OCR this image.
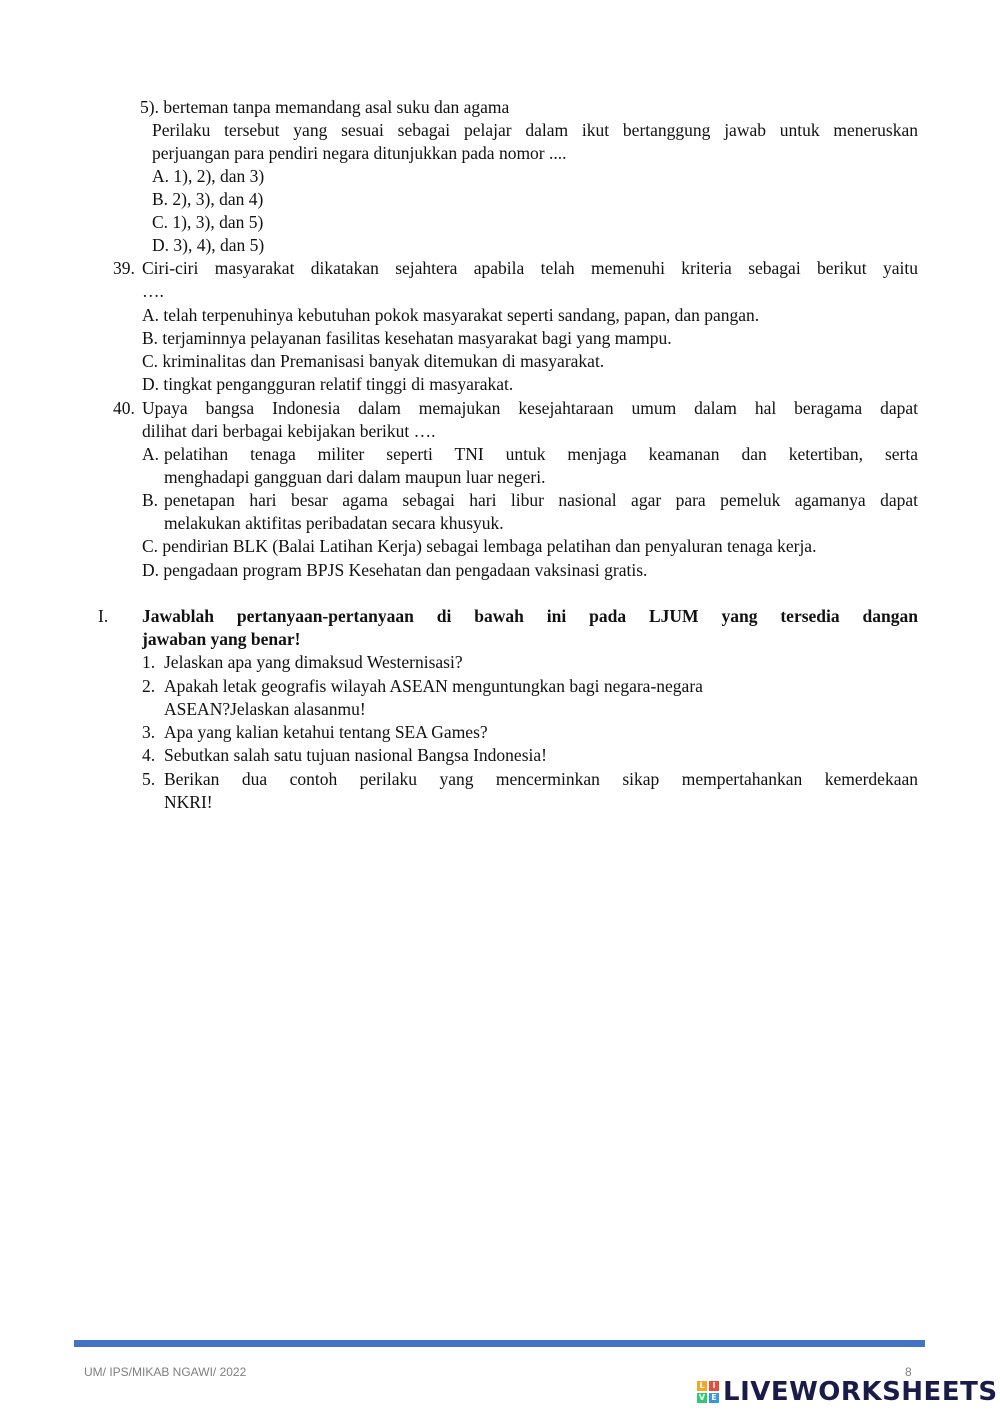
5). berteman tanpa memandang asal suku dan agama
Perilaku tersebut yang sesuai sebagai pelajar dalam ikut bertanggung jawab untuk meneruskan
perjuangan para pendiri negara ditunjukkan pada nomor ....
A. 1), 2), dan 3)
B. 2), 3), dan 4)
C. 1), 3), dan 5)
D. 3), 4), dan 5)
39. Ciri-ciri masyarakat dikatakan sejahtera apabila telah memenuhi kriteria sebagai berikut yaitu
….
A. telah terpenuhinya kebutuhan pokok masyarakat seperti sandang, papan, dan pangan.
B. terjaminnya pelayanan fasilitas kesehatan masyarakat bagi yang mampu.
C. kriminalitas dan Premanisasi banyak ditemukan di masyarakat.
D. tingkat pengangguran relatif tinggi di masyarakat.
40. Upaya bangsa Indonesia dalam memajukan kesejahtaraan umum dalam hal beragama dapat
dilihat dari berbagai kebijakan berikut ….
A. pelatihan tenaga militer seperti TNI untuk menjaga keamanan dan ketertiban, serta
menghadapi gangguan dari dalam maupun luar negeri.
B. penetapan hari besar agama sebagai hari libur nasional agar para pemeluk agamanya dapat
melakukan aktifitas peribadatan secara khusyuk.
C. pendirian BLK (Balai Latihan Kerja) sebagai lembaga pelatihan dan penyaluran tenaga kerja.
D. pengadaan program BPJS Kesehatan dan pengadaan vaksinasi gratis.
I. Jawablah pertanyaan-pertanyaan di bawah ini pada LJUM yang tersedia dangan
jawaban yang benar!
1. Jelaskan apa yang dimaksud Westernisasi?
2. Apakah letak geografis wilayah ASEAN menguntungkan bagi negara-negara
ASEAN?Jelaskan alasanmu!
3. Apa yang kalian ketahui tentang SEA Games?
4. Sebutkan salah satu tujuan nasional Bangsa Indonesia!
5. Berikan dua contoh perilaku yang mencerminkan sikap mempertahankan kemerdekaan
NKRI!
UM/ IPS/MIKAB NGAWI/ 2022	8
L I
V E LIVEWORKSHEETS
